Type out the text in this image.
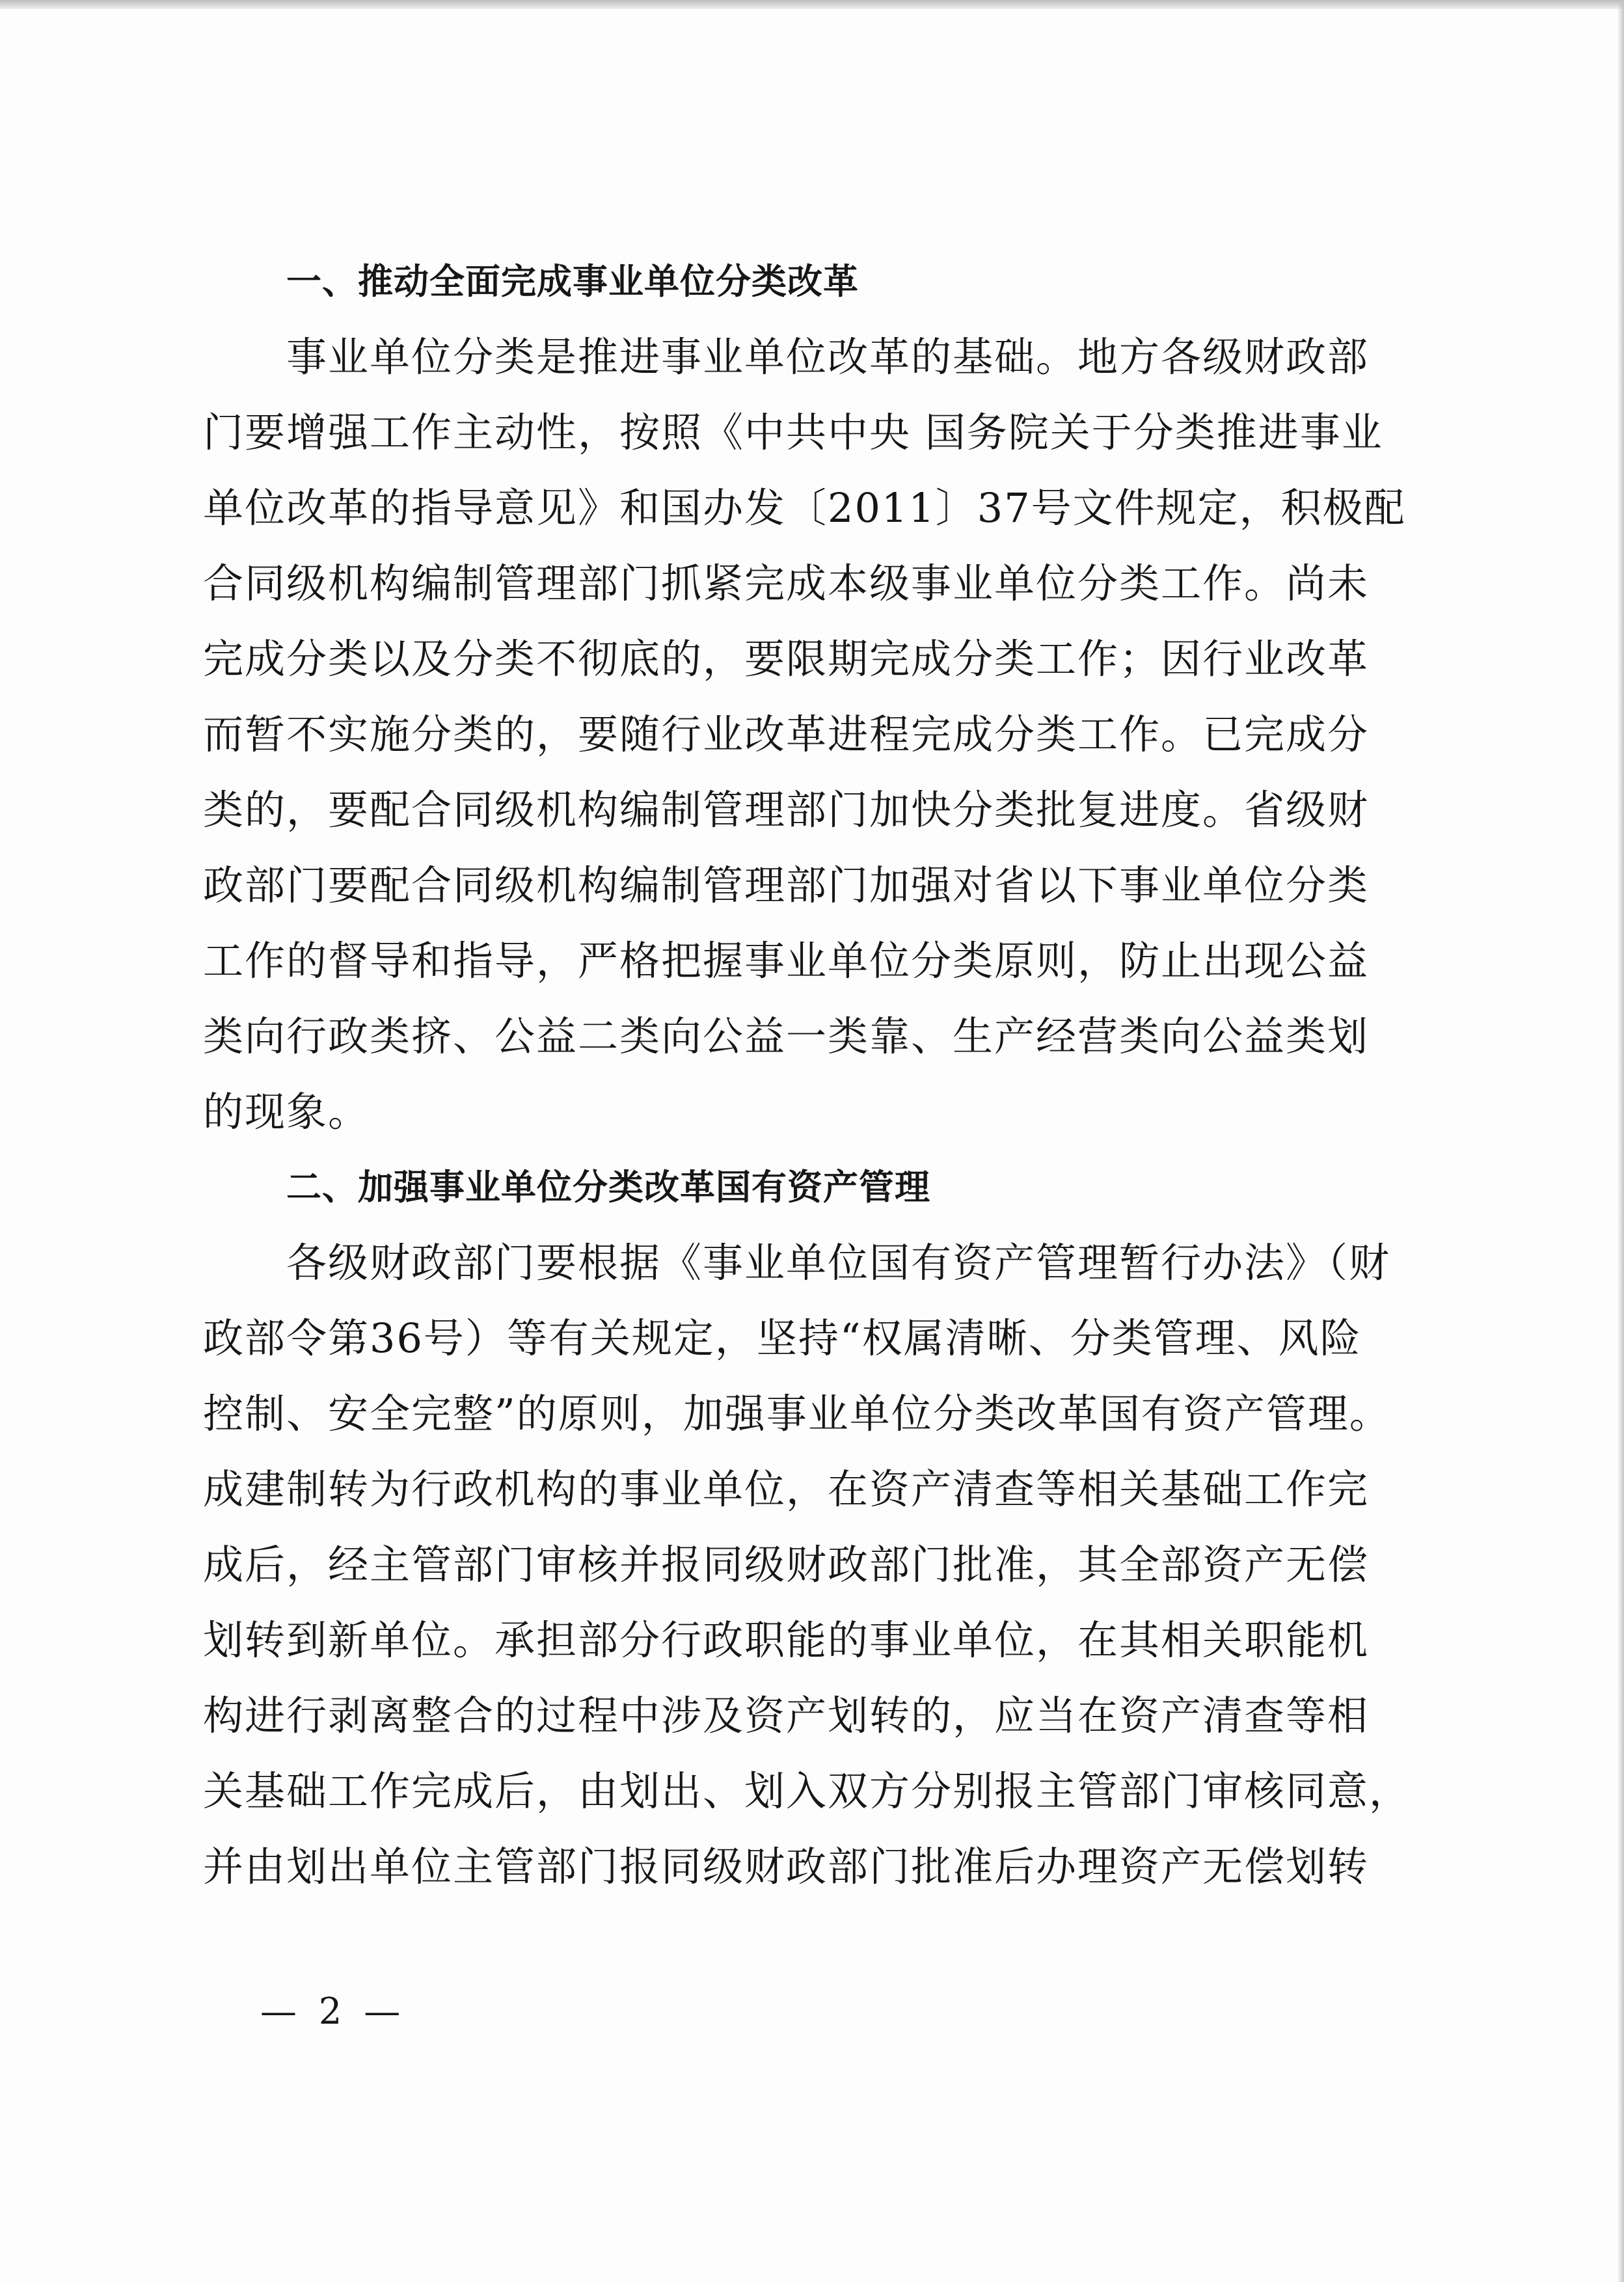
一、推动全面完成事业单位分类改革

事业单位分类是推进事业单位改革的基础。地方各级财政部
门要增强工作主动性，按照《中共中央 国务院关于分类推进事业
单位改革的指导意见》和国办发〔2011〕37号文件规定，积极配
合同级机构编制管理部门抓紧完成本级事业单位分类工作。尚未
完成分类以及分类不彻底的，要限期完成分类工作；因行业改革
而暂不实施分类的，要随行业改革进程完成分类工作。已完成分
类的，要配合同级机构编制管理部门加快分类批复进度。省级财
政部门要配合同级机构编制管理部门加强对省以下事业单位分类
工作的督导和指导，严格把握事业单位分类原则，防止出现公益
类向行政类挤、公益二类向公益一类靠、生产经营类向公益类划
的现象。

二、加强事业单位分类改革国有资产管理

各级财政部门要根据《事业单位国有资产管理暂行办法》（财
政部令第36号）等有关规定，坚持“权属清晰、分类管理、风险
控制、安全完整”的原则，加强事业单位分类改革国有资产管理。
成建制转为行政机构的事业单位，在资产清查等相关基础工作完
成后，经主管部门审核并报同级财政部门批准，其全部资产无偿
划转到新单位。承担部分行政职能的事业单位，在其相关职能机
构进行剥离整合的过程中涉及资产划转的，应当在资产清查等相
关基础工作完成后，由划出、划入双方分别报主管部门审核同意，
并由划出单位主管部门报同级财政部门批准后办理资产无偿划转

— 2 —
